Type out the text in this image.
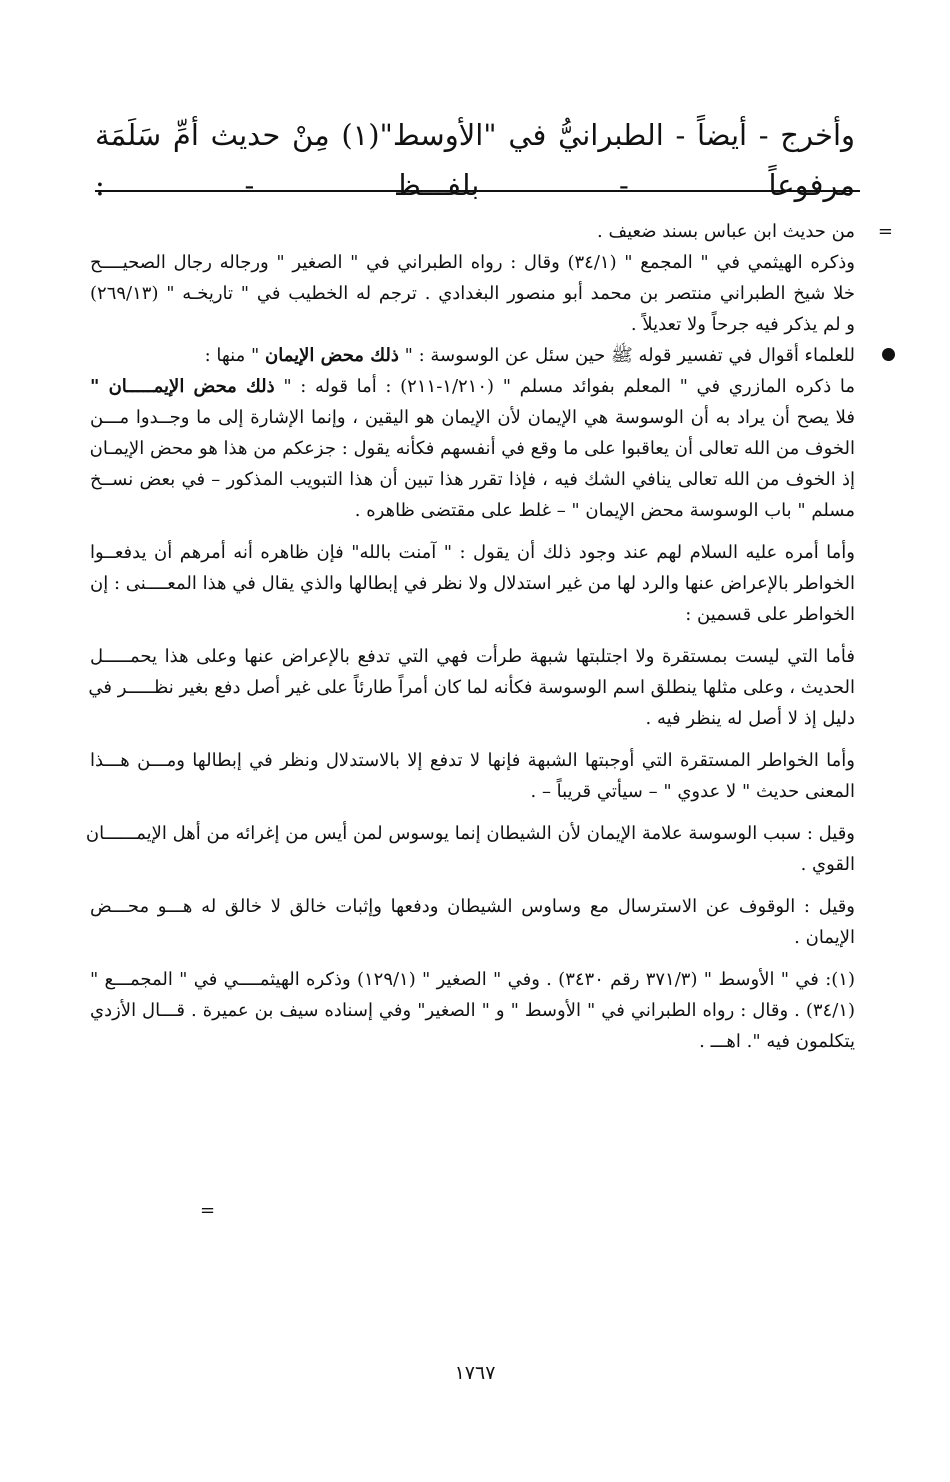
وأخرج - أيضاً - الطبرانيُّ في "الأوسط"(١) مِنْ حديث أمِّ سَلَمَة مرفوعاً - بلفـــظ - :
=
من حديث ابن عباس بسند ضعيف .
وذكره الهيثمي في " المجمع " (٣٤/١) وقال : رواه الطبراني في " الصغير " ورجاله رجال الصحيــــح
خلا شيخ الطبراني منتصر بن محمد أبو منصور البغدادي . ترجم له الخطيب في " تاريخـه " (٢٦٩/١٣)
و لم يذكر فيه جرحاً ولا تعديلاً .
للعلماء أقوال في تفسير قوله ﷺ حين سئل عن الوسوسة : " ذلك محض الإيمان " منها :
ما ذكره المازري في " المعلم بفوائد مسلم " (١/٢١٠-٢١١) : أما قوله : " ذلك محض الإيمـــــان "
فلا يصح أن يراد به أن الوسوسة هي الإيمان لأن الإيمان هو اليقين ، وإنما الإشارة إلى ما وجــدوا مـــن
الخوف من الله تعالى أن يعاقبوا على ما وقع في أنفسهم فكأنه يقول : جزعكم من هذا هو محض الإيمـان
إذ الخوف من الله تعالى ينافي الشك فيه ، فإذا تقرر هذا تبين أن هذا التبويب المذكور – في بعض نســخ
مسلم " باب الوسوسة محض الإيمان " – غلط على مقتضى ظاهره .
وأما أمره عليه السلام لهم عند وجود ذلك أن يقول : " آمنت بالله" فإن ظاهره أنه أمرهم أن يدفعــوا
الخواطر بالإعراض عنها والرد لها من غير استدلال ولا نظر في إبطالها والذي يقال في هذا المعــــنى : إن
الخواطر على قسمين :
فأما التي ليست بمستقرة ولا اجتلبتها شبهة طرأت فهي التي تدفع بالإعراض عنها وعلى هذا يحمـــــل
الحديث ، وعلى مثلها ينطلق اسم الوسوسة فكأنه لما كان أمراً طارئاً على غير أصل دفع بغير نظـــــر في
دليل إذ لا أصل له ينظر فيه .
وأما الخواطر المستقرة التي أوجبتها الشبهة فإنها لا تدفع إلا بالاستدلال ونظر في إبطالها ومـــن هـــذا
المعنى حديث " لا عدوي " – سيأتي قريباً – .
وقيل : سبب الوسوسة علامة الإيمان لأن الشيطان إنما يوسوس لمن أيس من إغرائه من أهل الإيمــــــان
القوي .
وقيل : الوقوف عن الاسترسال مع وساوس الشيطان ودفعها وإثبات خالق لا خالق له هـــو محـــض
الإيمان .
(١): في " الأوسط " (٣٧١/٣ رقم ٣٤٣٠) . وفي " الصغير " (١٢٩/١) وذكره الهيثمــــي في " المجمـــع "
(٣٤/١) . وقال : رواه الطبراني في " الأوسط " و " الصغير" وفي إسناده سيف بن عميرة . قـــال الأزدي
يتكلمون فيه ". اهـــ .
=
١٧٦٧
